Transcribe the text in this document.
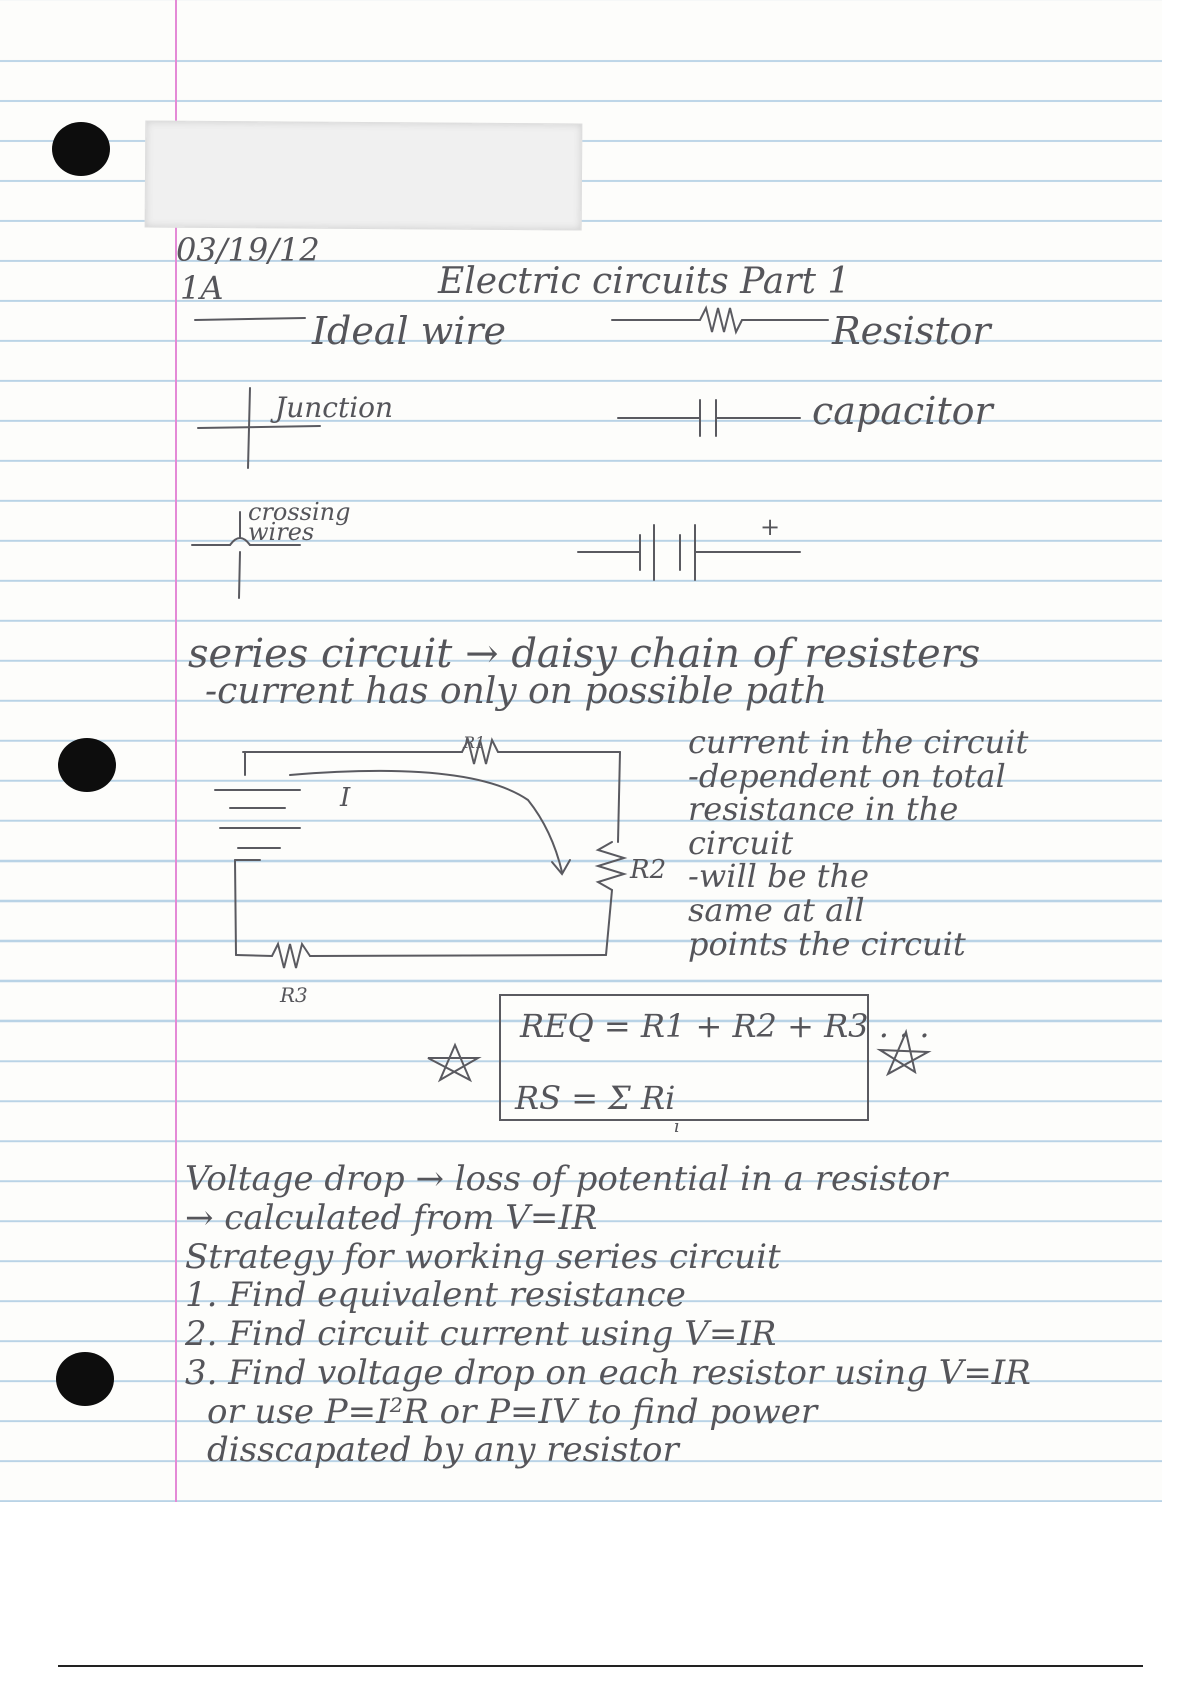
03/19/12
1A	Electric circuits Part 1
Ideal wire	Resistor
Junction	capacitor
crossing wires	+
series circuit → daisy chain of resisters
-current has only on possible path
I
R1
R2
R3
current in the circuit
-dependent on total
resistance in the
circuit
-will be the
same at all
points the circuit
REQ = R1 + R2 + R3 . . .
RS = Σ Ri
i
Voltage drop → loss of potential in a resistor
→ calculated from V=IR
Strategy for working series circuit
1. Find equivalent resistance
2. Find circuit current using V=IR
3. Find voltage drop on each resistor using V=IR
or use P=I²R or P=IV to find power
disscapated by any resistor
